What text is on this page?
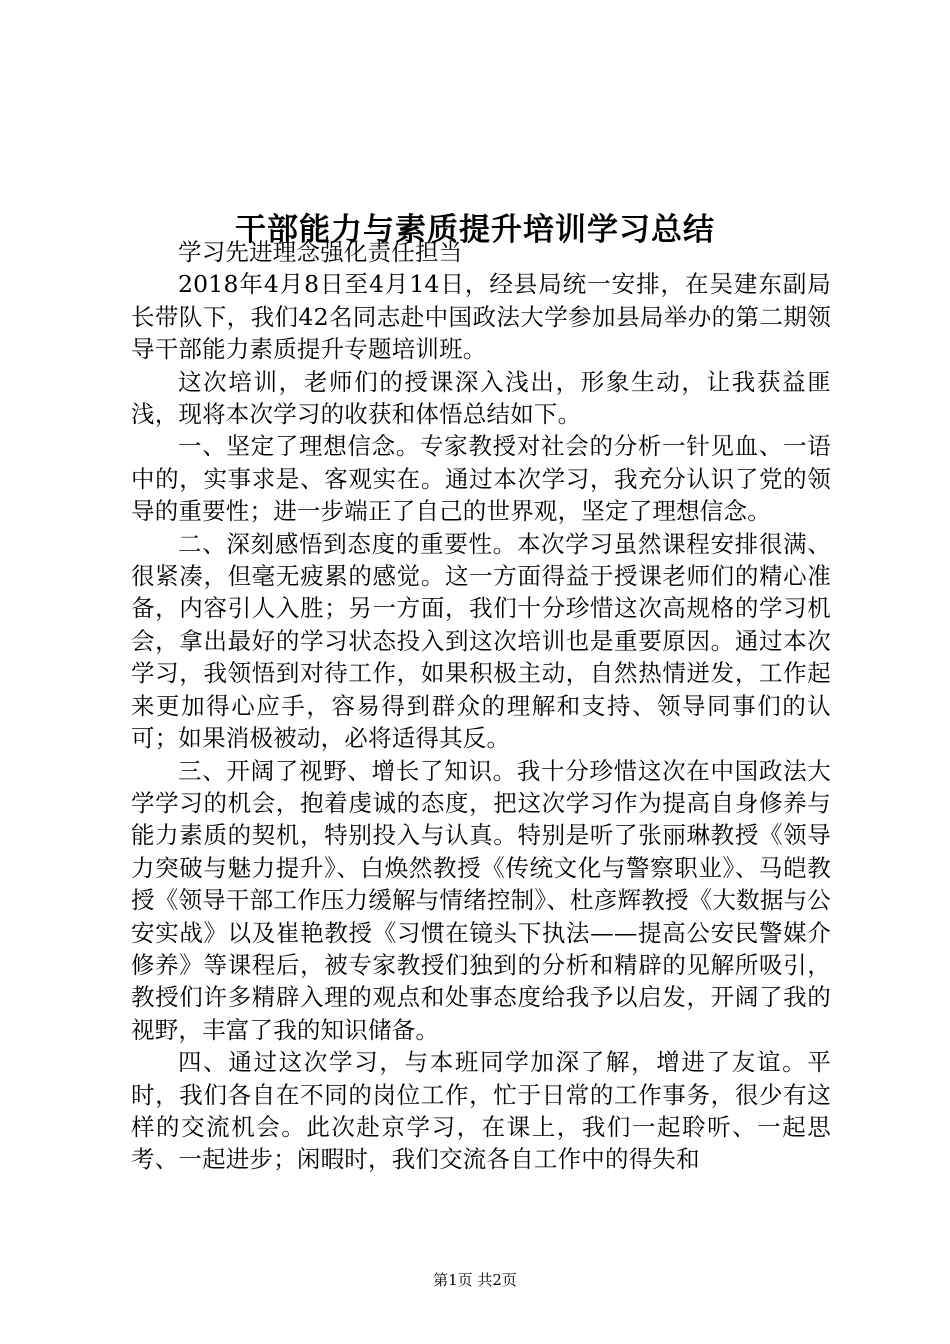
干部能力与素质提升培训学习总结

学习先进理念强化责任担当

2018年4月8日至4月14日，经县局统一安排，在吴建东副局长带队下，我们42名同志赴中国政法大学参加县局举办的第二期领导干部能力素质提升专题培训班。

这次培训，老师们的授课深入浅出，形象生动，让我获益匪浅，现将本次学习的收获和体悟总结如下。

一、坚定了理想信念。专家教授对社会的分析一针见血、一语中的，实事求是、客观实在。通过本次学习，我充分认识了党的领导的重要性；进一步端正了自己的世界观，坚定了理想信念。

二、深刻感悟到态度的重要性。本次学习虽然课程安排很满、很紧凑，但毫无疲累的感觉。这一方面得益于授课老师们的精心准备，内容引人入胜；另一方面，我们十分珍惜这次高规格的学习机会，拿出最好的学习状态投入到这次培训也是重要原因。通过本次学习，我领悟到对待工作，如果积极主动，自然热情迸发，工作起来更加得心应手，容易得到群众的理解和支持、领导同事们的认可；如果消极被动，必将适得其反。

三、开阔了视野、增长了知识。我十分珍惜这次在中国政法大学学习的机会，抱着虔诚的态度，把这次学习作为提高自身修养与能力素质的契机，特别投入与认真。特别是听了张丽琳教授《领导力突破与魅力提升》、白焕然教授《传统文化与警察职业》、马皑教授《领导干部工作压力缓解与情绪控制》、杜彦辉教授《大数据与公安实战》以及崔艳教授《习惯在镜头下执法——提高公安民警媒介修养》等课程后，被专家教授们独到的分析和精辟的见解所吸引，教授们许多精辟入理的观点和处事态度给我予以启发，开阔了我的视野，丰富了我的知识储备。

四、通过这次学习，与本班同学加深了解，增进了友谊。平时，我们各自在不同的岗位工作，忙于日常的工作事务，很少有这样的交流机会。此次赴京学习，在课上，我们一起聆听、一起思考、一起进步；闲暇时，我们交流各自工作中的得失和

第1页 共2页
